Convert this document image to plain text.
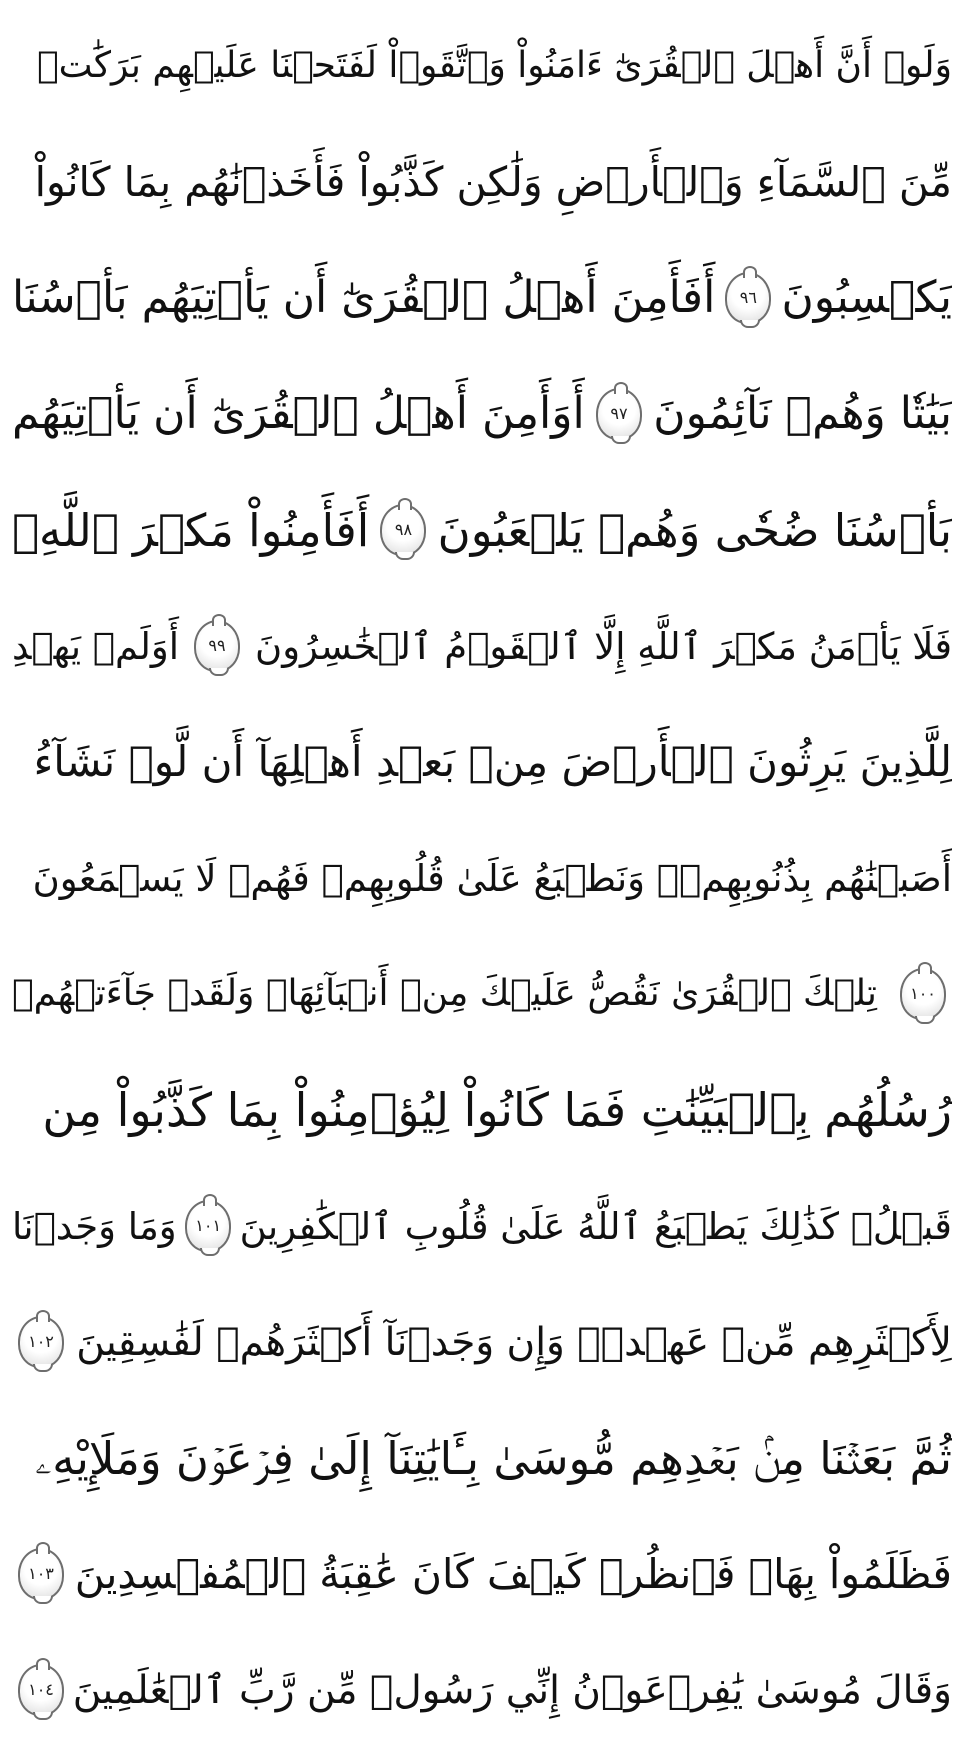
وَلَوۡ أَنَّ أَهۡلَ ٱلۡقُرَىٰٓ ءَامَنُواْ وَٱتَّقَوۡاْ لَفَتَحۡنَا عَلَيۡهِم بَرَكَٰتٖ
مِّنَ ٱلسَّمَآءِ وَٱلۡأَرۡضِ وَلَٰكِن كَذَّبُواْ فَأَخَذۡنَٰهُم بِمَا كَانُواْ
يَكۡسِبُونَ
٩٦
أَفَأَمِنَ أَهۡلُ ٱلۡقُرَىٰٓ أَن يَأۡتِيَهُم بَأۡسُنَا
بَيَٰتٗا وَهُمۡ نَآئِمُونَ
٩٧
أَوَأَمِنَ أَهۡلُ ٱلۡقُرَىٰٓ أَن يَأۡتِيَهُم
بَأۡسُنَا ضُحٗى وَهُمۡ يَلۡعَبُونَ
٩٨
أَفَأَمِنُواْ مَكۡرَ ٱللَّهِۚ
فَلَا يَأۡمَنُ مَكۡرَ ٱللَّهِ إِلَّا ٱلۡقَوۡمُ ٱلۡخَٰسِرُونَ
٩٩
أَوَلَمۡ يَهۡدِ
لِلَّذِينَ يَرِثُونَ ٱلۡأَرۡضَ مِنۢ بَعۡدِ أَهۡلِهَآ أَن لَّوۡ نَشَآءُ
أَصَبۡنَٰهُم بِذُنُوبِهِمۡۚ وَنَطۡبَعُ عَلَىٰ قُلُوبِهِمۡ فَهُمۡ لَا يَسۡمَعُونَ
١٠٠
تِلۡكَ ٱلۡقُرَىٰ نَقُصُّ عَلَيۡكَ مِنۡ أَنۢبَآئِهَاۚ وَلَقَدۡ جَآءَتۡهُمۡ
رُسُلُهُم بِٱلۡبَيِّنَٰتِ فَمَا كَانُواْ لِيُؤۡمِنُواْ بِمَا كَذَّبُواْ مِن
قَبۡلُۚ كَذَٰلِكَ يَطۡبَعُ ٱللَّهُ عَلَىٰ قُلُوبِ ٱلۡكَٰفِرِينَ
١٠١
وَمَا وَجَدۡنَا
لِأَكۡثَرِهِم مِّنۡ عَهۡدٖۖ وَإِن وَجَدۡنَآ أَكۡثَرَهُمۡ لَفَٰسِقِينَ
١٠٢
ثُمَّ بَعَثۡنَا مِنۢ بَعۡدِهِم مُّوسَىٰ بِـَٔايَٰتِنَآ إِلَىٰ فِرۡعَوۡنَ وَمَلَإِيْهِۦ
فَظَلَمُواْ بِهَاۖ فَٱنظُرۡ كَيۡفَ كَانَ عَٰقِبَةُ ٱلۡمُفۡسِدِينَ
١٠٣
وَقَالَ مُوسَىٰ يَٰفِرۡعَوۡنُ إِنِّي رَسُولٞ مِّن رَّبِّ ٱلۡعَٰلَمِينَ
١٠٤
